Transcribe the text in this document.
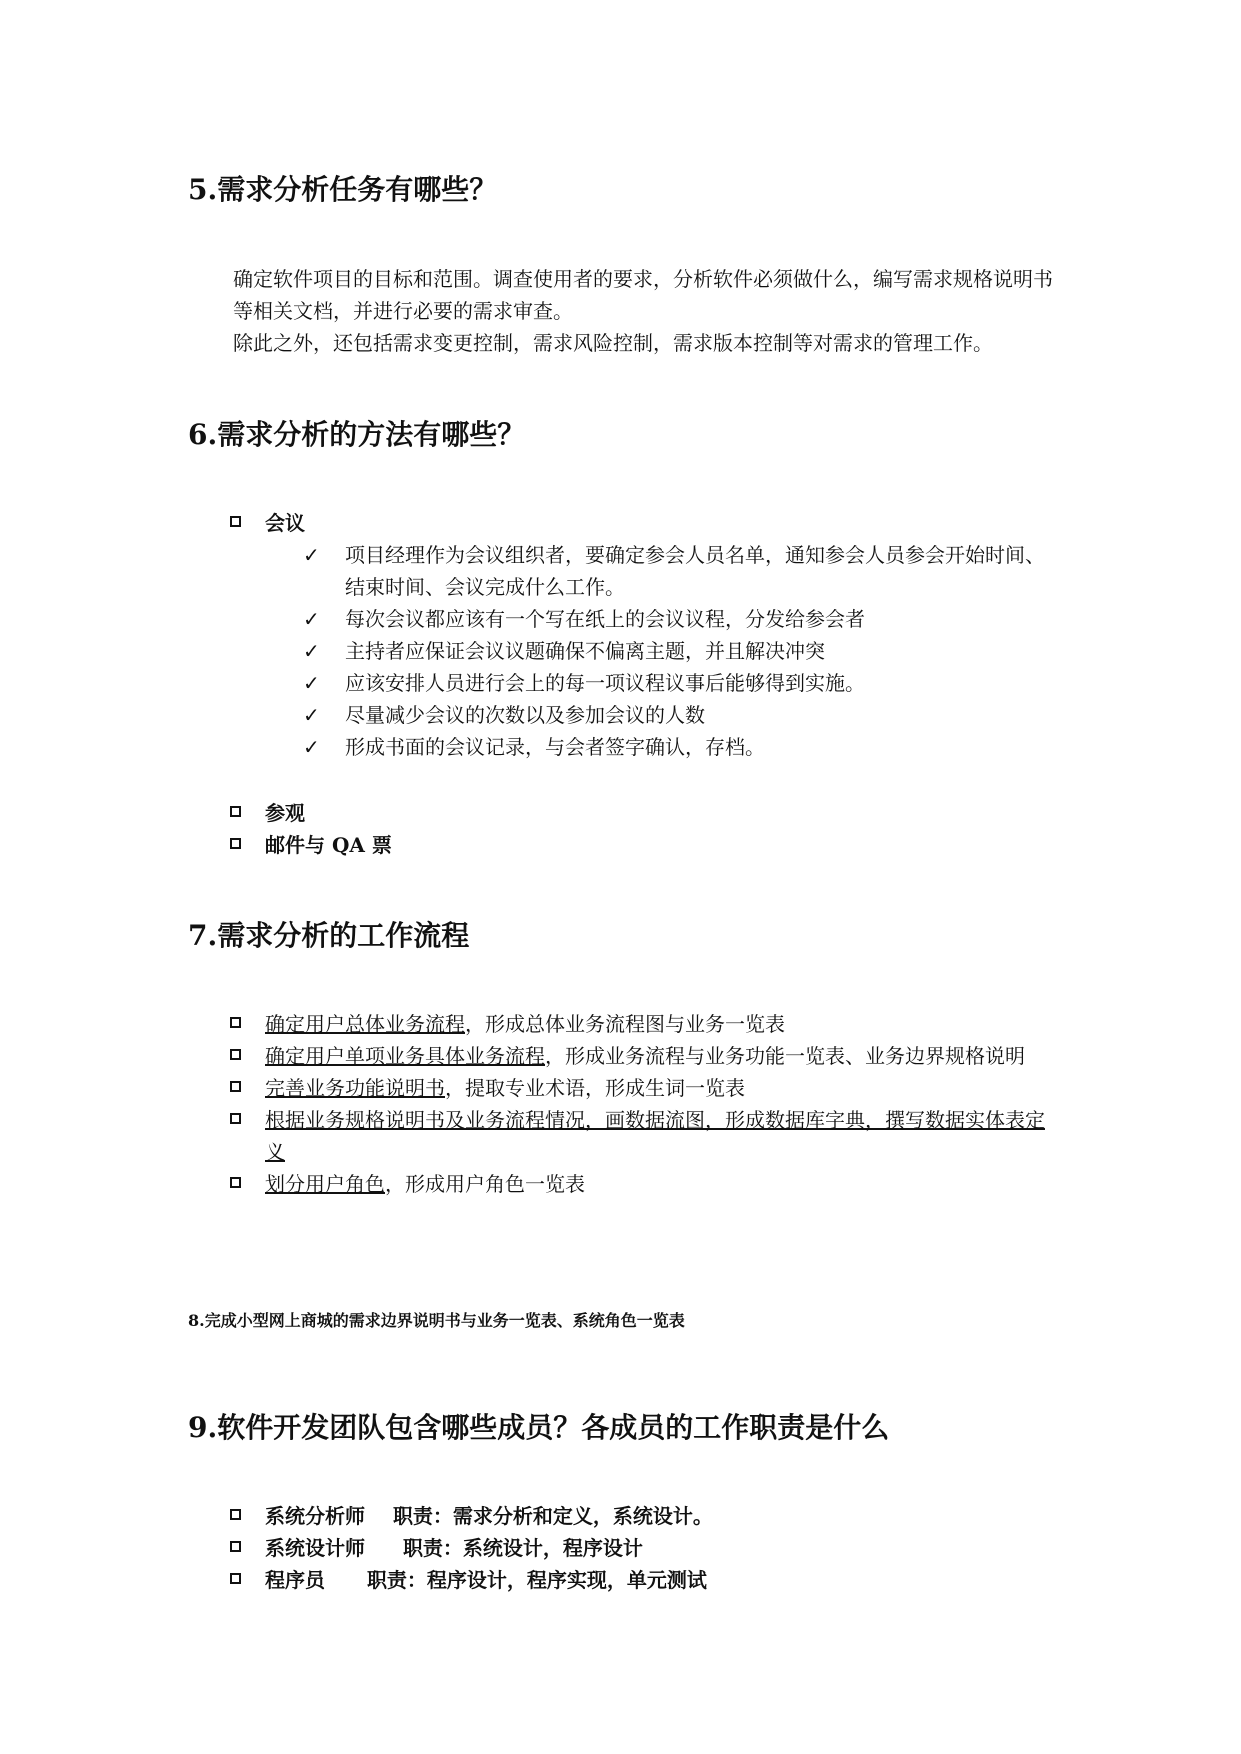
5.需求分析任务有哪些？

确定软件项目的目标和范围。调查使用者的要求，分析软件必须做什么，编写需求规格说明书等相关文档，并进行必要的需求审查。

除此之外，还包括需求变更控制，需求风险控制，需求版本控制等对需求的管理工作。

6.需求分析的方法有哪些？
会议
✓ 项目经理作为会议组织者，要确定参会人员名单，通知参会人员参会开始时间、结束时间、会议完成什么工作。
✓ 每次会议都应该有一个写在纸上的会议议程，分发给参会者
✓ 主持者应保证会议议题确保不偏离主题，并且解决冲突
✓ 应该安排人员进行会上的每一项议程议事后能够得到实施。
✓ 尽量减少会议的次数以及参加会议的人数
✓ 形成书面的会议记录，与会者签字确认，存档。
参观
邮件与 QA 票
7.需求分析的工作流程
确定用户总体业务流程，形成总体业务流程图与业务一览表
确定用户单项业务具体业务流程，形成业务流程与业务功能一览表、业务边界规格说明
完善业务功能说明书，提取专业术语，形成生词一览表
根据业务规格说明书及业务流程情况，画数据流图，形成数据库字典，撰写数据实体表定义
划分用户角色，形成用户角色一览表
8.完成小型网上商城的需求边界说明书与业务一览表、系统角色一览表
9.软件开发团队包含哪些成员？各成员的工作职责是什么
系统分析师 职责：需求分析和定义，系统设计。
系统设计师 职责：系统设计，程序设计
程序员 职责：程序设计，程序实现，单元测试
